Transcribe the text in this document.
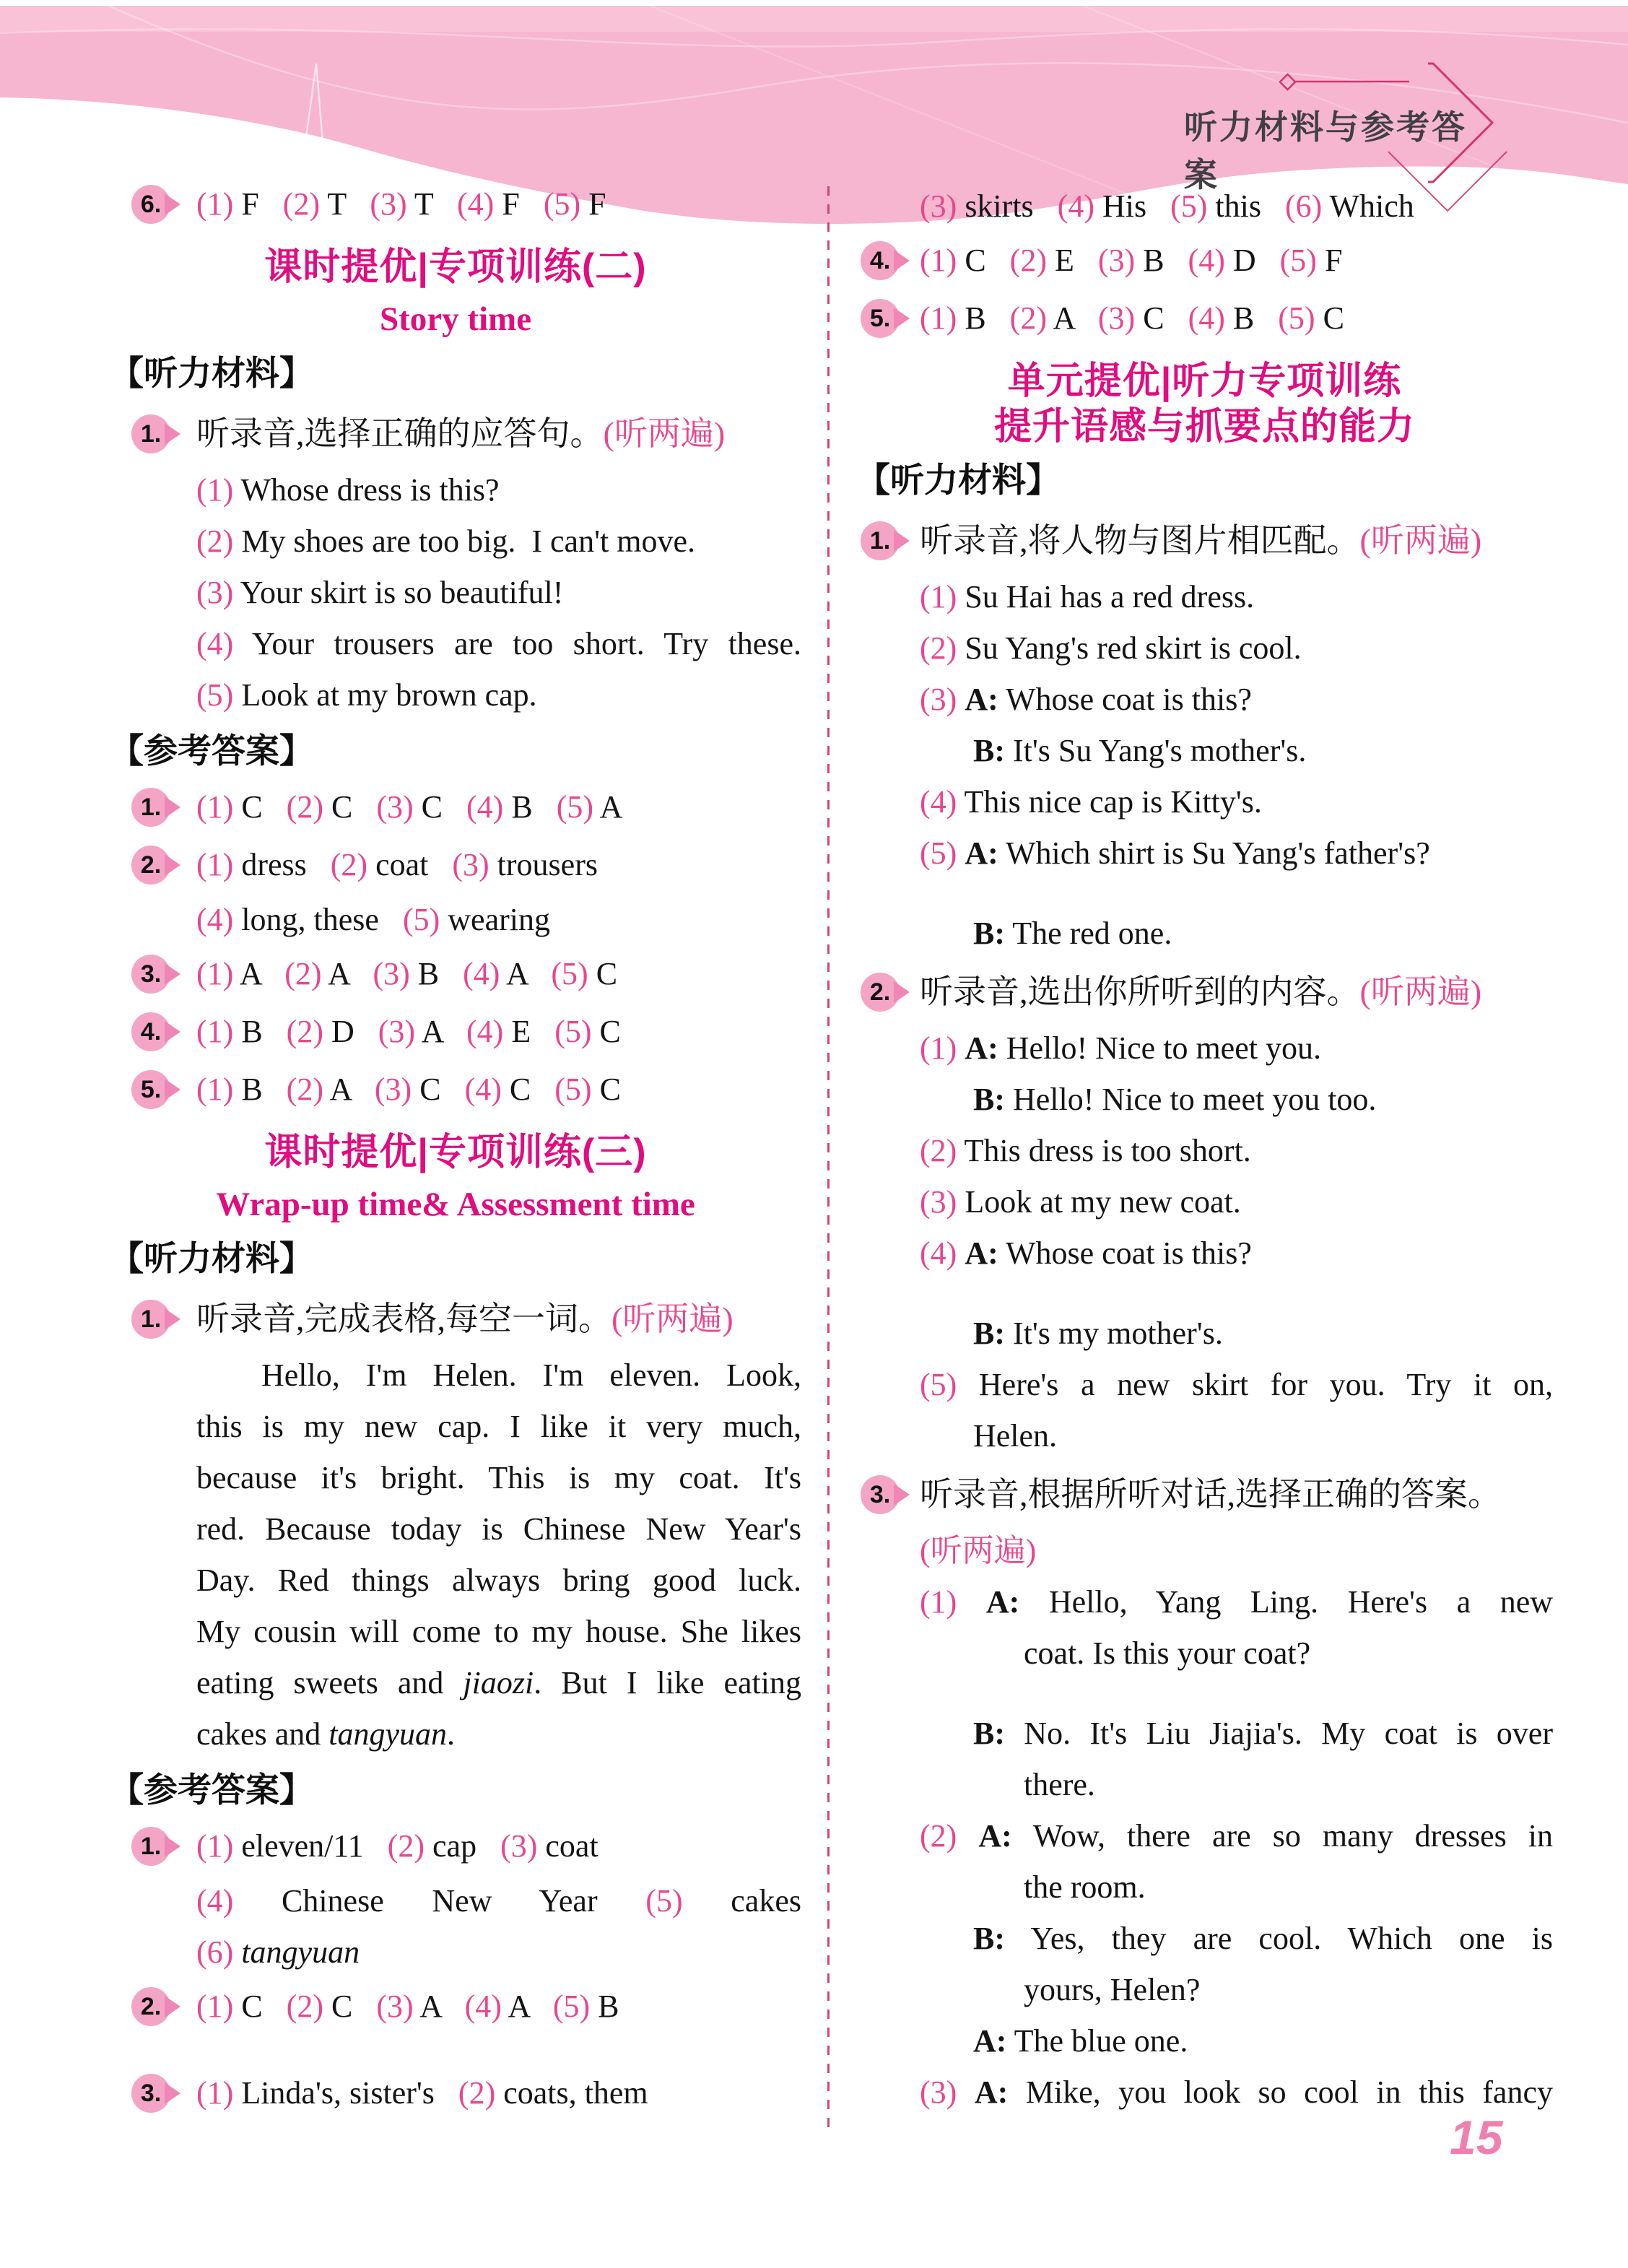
听力材料与参考答案
6. (1) F   (2) T   (3) T   (4) F   (5) F
课时提优|专项训练(二)
Story time
【听力材料】
1. 听录音,选择正确的应答句。(听两遍)
(1) Whose dress is this?
(2) My shoes are too big.  I can't move.
(3) Your skirt is so beautiful!
(4) Your trousers are too short. Try these.
(5) Look at my brown cap.
【参考答案】
1. (1) C   (2) C   (3) C   (4) B   (5) A
2. (1) dress   (2) coat   (3) trousers
(4) long, these   (5) wearing
3. (1) A   (2) A   (3) B   (4) A   (5) C
4. (1) B   (2) D   (3) A   (4) E   (5) C
5. (1) B   (2) A   (3) C   (4) C   (5) C
课时提优|专项训练(三)
Wrap-up time& Assessment time
【听力材料】
1. 听录音,完成表格,每空一词。(听两遍)
Hello, I'm Helen. I'm eleven. Look,
this is my new cap. I like it very much,
because it's bright. This is my coat. It's
red. Because today is Chinese New Year's
Day. Red things always bring good luck.
My cousin will come to my house. She likes
eating sweets and jiaozi. But I like eating
cakes and tangyuan.
【参考答案】
1. (1) eleven/11   (2) cap   (3) coat
(4) Chinese New Year (5) cakes
(6) tangyuan
2. (1) C   (2) C   (3) A   (4) A   (5) B
3. (1) Linda's, sister's   (2) coats, them
(3) skirts   (4) His   (5) this   (6) Which
4. (1) C   (2) E   (3) B   (4) D   (5) F
5. (1) B   (2) A   (3) C   (4) B   (5) C
单元提优|听力专项训练
提升语感与抓要点的能力
【听力材料】
1. 听录音,将人物与图片相匹配。(听两遍)
(1) Su Hai has a red dress.
(2) Su Yang's red skirt is cool.
(3) A: Whose coat is this?
B: It's Su Yang's mother's.
(4) This nice cap is Kitty's.
(5) A: Which shirt is Su Yang's father's?
B: The red one.
2. 听录音,选出你所听到的内容。(听两遍)
(1) A: Hello! Nice to meet you.
B: Hello! Nice to meet you too.
(2) This dress is too short.
(3) Look at my new coat.
(4) A: Whose coat is this?
B: It's my mother's.
(5) Here's a new skirt for you. Try it on,
Helen.
3. 听录音,根据所听对话,选择正确的答案。
(听两遍)
(1) A: Hello, Yang Ling. Here's a new
coat. Is this your coat?
B: No. It's Liu Jiajia's. My coat is over
there.
(2) A: Wow, there are so many dresses in
the room.
B: Yes, they are cool. Which one is
yours, Helen?
A: The blue one.
(3) A: Mike, you look so cool in this fancy
15
